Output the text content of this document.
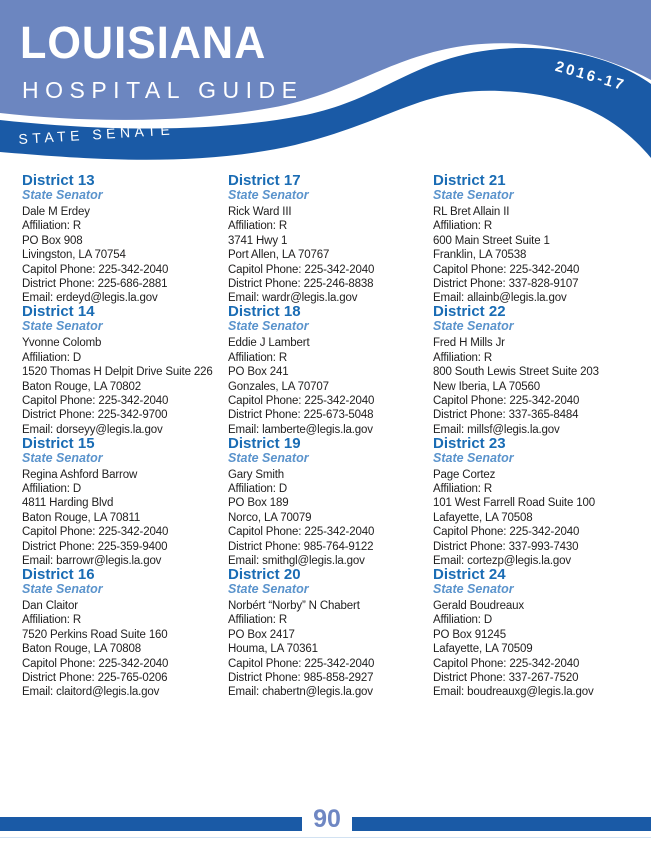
LOUISIANA
HOSPITAL GUIDE	2016-17
STATE SENATE
District 13
State Senator

Dale M Erdey

Affiliation: R

PO Box 908

Livingston, LA 70754

Capitol Phone: 225-342-2040

District Phone: 225-686-2881

Email: erdeyd@legis.la.gov

District 14
State Senator

Yvonne Colomb

Affiliation: D

1520 Thomas H Delpit Drive Suite 226

Baton Rouge, LA 70802

Capitol Phone: 225-342-2040

District Phone: 225-342-9700

Email: dorseyy@legis.la.gov

District 15
State Senator

Regina Ashford Barrow

Affiliation: D

4811 Harding Blvd

Baton Rouge, LA 70811

Capitol Phone: 225-342-2040

District Phone: 225-359-9400

Email: barrowr@legis.la.gov

District 16
State Senator

Dan Claitor

Affiliation: R

7520 Perkins Road Suite 160

Baton Rouge, LA 70808

Capitol Phone: 225-342-2040

District Phone: 225-765-0206

Email: claitord@legis.la.gov

District 17
State Senator

Rick Ward III

Affiliation: R

3741 Hwy 1

Port Allen, LA 70767

Capitol Phone: 225-342-2040

District Phone: 225-246-8838

Email: wardr@legis.la.gov

District 18
State Senator

Eddie J Lambert

Affiliation: R

PO Box 241

Gonzales, LA 70707

Capitol Phone: 225-342-2040

District Phone: 225-673-5048

Email: lamberte@legis.la.gov

District 19
State Senator

Gary Smith

Affiliation: D

PO Box 189

Norco, LA 70079

Capitol Phone: 225-342-2040

District Phone: 985-764-9122

Email: smithgl@legis.la.gov

District 20
State Senator

Norbért “Norby” N Chabert

Affiliation: R

PO Box 2417

Houma, LA 70361

Capitol Phone: 225-342-2040

District Phone: 985-858-2927

Email: chabertn@legis.la.gov

District 21
State Senator

RL Bret Allain II

Affiliation: R

600 Main Street Suite 1

Franklin, LA 70538

Capitol Phone: 225-342-2040

District Phone: 337-828-9107

Email: allainb@legis.la.gov

District 22
State Senator

Fred H Mills Jr

Affiliation: R

800 South Lewis Street Suite 203

New Iberia, LA 70560

Capitol Phone: 225-342-2040

District Phone: 337-365-8484

Email: millsf@legis.la.gov

District 23
State Senator

Page Cortez

Affiliation: R

101 West Farrell Road Suite 100

Lafayette, LA 70508

Capitol Phone: 225-342-2040

District Phone: 337-993-7430

Email: cortezp@legis.la.gov

District 24
State Senator

Gerald Boudreaux

Affiliation: D

PO Box 91245

Lafayette, LA 70509

Capitol Phone: 225-342-2040

District Phone: 337-267-7520

Email: boudreauxg@legis.la.gov

90
